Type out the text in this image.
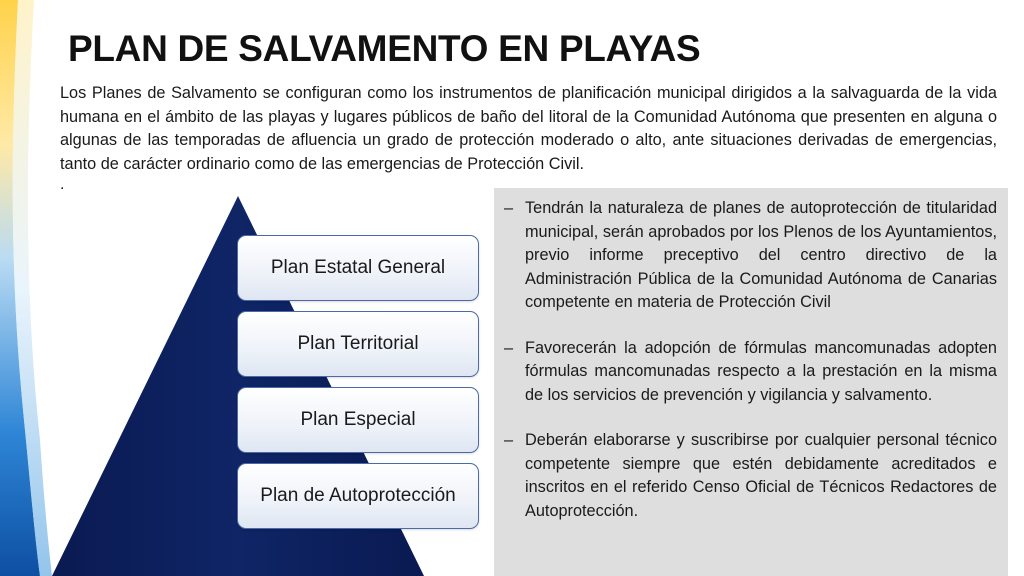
PLAN DE SALVAMENTO EN PLAYAS

Los Planes de Salvamento se configuran como los instrumentos de planificación municipal dirigidos a la salvaguarda de la vida humana en el ámbito de las playas y lugares públicos de baño del litoral de la Comunidad Autónoma que presenten en alguna o algunas de las temporadas de afluencia un grado de protección moderado o alto, ante situaciones derivadas de emergencias, tanto de carácter ordinario como de las emergencias de Protección Civil.

.

Plan Estatal General
Plan Territorial
Plan Especial
Plan de Autoprotección
– Tendrán la naturaleza de planes de autoprotección de titularidad municipal, serán aprobados por los Plenos de los Ayuntamientos, previo informe preceptivo del centro directivo de la Administración Pública de la Comunidad Autónoma de Canarias competente en materia de Protección Civil
– Favorecerán la adopción de fórmulas mancomunadas adopten fórmulas mancomunadas respecto a la prestación en la misma de los servicios de prevención y vigilancia y salvamento.
– Deberán elaborarse y suscribirse por cualquier personal técnico competente siempre que estén debidamente acreditados e inscritos en el referido Censo Oficial de Técnicos Redactores de Autoprotección.
